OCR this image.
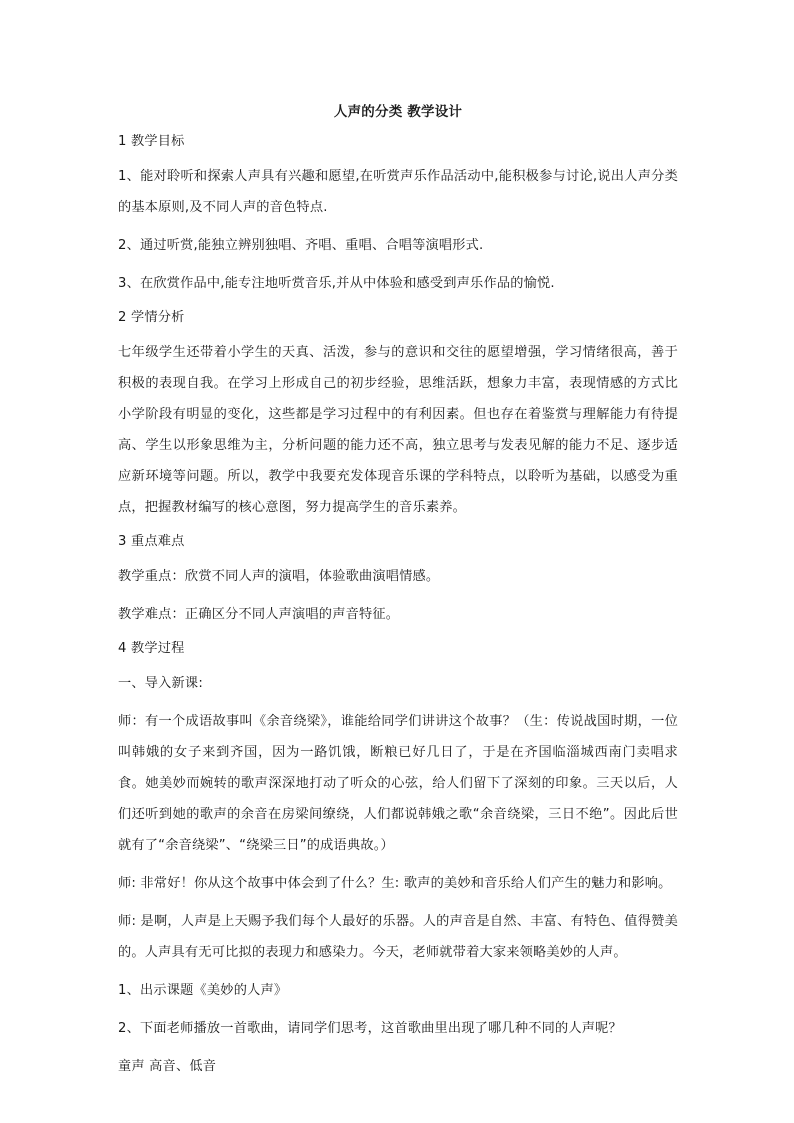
人声的分类 教学设计
1 教学目标
1、能对聆听和探索人声具有兴趣和愿望,在听赏声乐作品活动中,能积极参与讨论,说出人声分类的基本原则,及不同人声的音色特点.
2、通过听赏,能独立辨别独唱、齐唱、重唱、合唱等演唱形式.
3、在欣赏作品中,能专注地听赏音乐,并从中体验和感受到声乐作品的愉悦.
2 学情分析
七年级学生还带着小学生的天真、活泼，参与的意识和交往的愿望增强，学习情绪很高，善于积极的表现自我。在学习上形成自己的初步经验，思维活跃，想象力丰富，表现情感的方式比小学阶段有明显的变化，这些都是学习过程中的有利因素。但也存在着鉴赏与理解能力有待提高、学生以形象思维为主，分析问题的能力还不高，独立思考与发表见解的能力不足、逐步适应新环境等问题。所以，教学中我要充发体现音乐课的学科特点，以聆听为基础，以感受为重点，把握教材编写的核心意图，努力提高学生的音乐素养。
3 重点难点
教学重点：欣赏不同人声的演唱，体验歌曲演唱情感。
教学难点：正确区分不同人声演唱的声音特征。
4 教学过程
一、导入新课:
师：有一个成语故事叫《余音绕梁》，谁能给同学们讲讲这个故事？（生：传说战国时期，一位叫韩娥的女子来到齐国，因为一路饥饿，断粮已好几日了，于是在齐国临淄城西南门卖唱求食。她美妙而婉转的歌声深深地打动了听众的心弦，给人们留下了深刻的印象。三天以后，人们还听到她的歌声的余音在房梁间缭绕，人们都说韩娥之歌“余音绕梁，三日不绝”。因此后世就有了“余音绕梁”、“绕梁三日”的成语典故。）
师: 非常好！你从这个故事中体会到了什么？生: 歌声的美妙和音乐给人们产生的魅力和影响。
师: 是啊，人声是上天赐予我们每个人最好的乐器。人的声音是自然、丰富、有特色、值得赞美的。人声具有无可比拟的表现力和感染力。今天，老师就带着大家来领略美妙的人声。
1、出示课题《美妙的人声》
2、下面老师播放一首歌曲，请同学们思考，这首歌曲里出现了哪几种不同的人声呢？
童声 高音、低音
